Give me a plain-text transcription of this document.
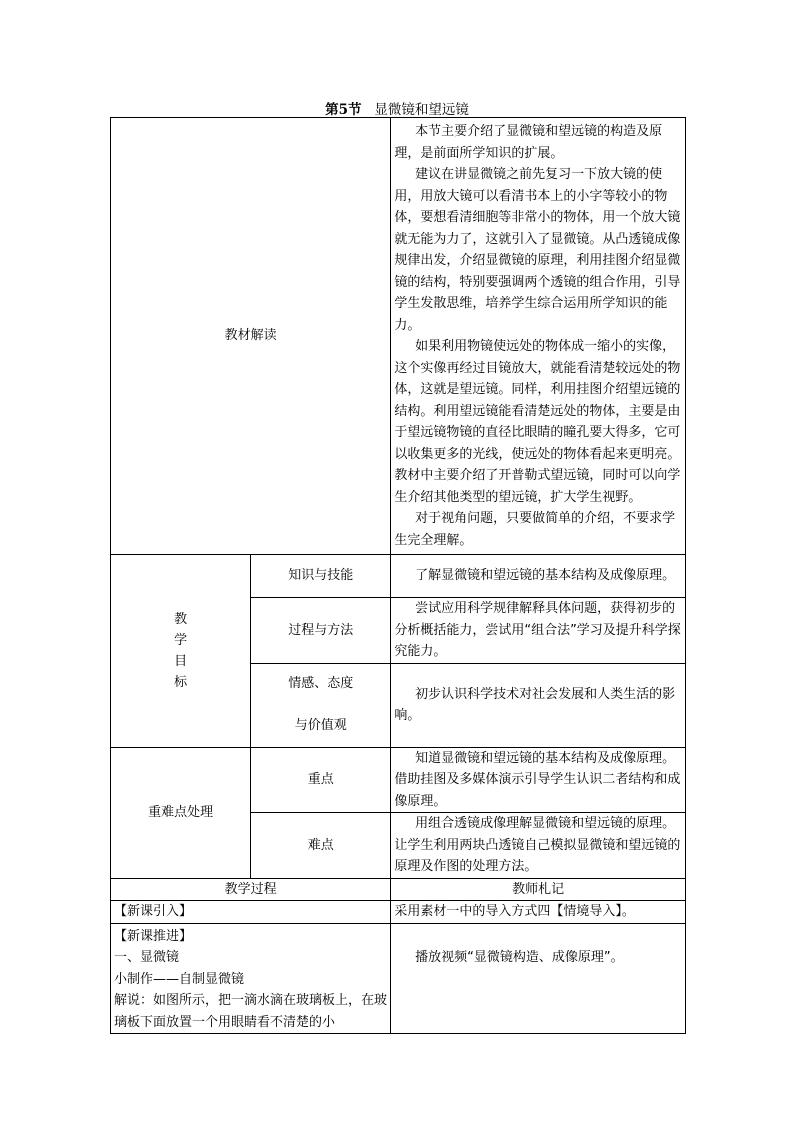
第5节 显微镜和望远镜
教材解读		本节主要介绍了显微镜和望远镜的构造及原理，是前面所学知识的扩展。

建议在讲显微镜之前先复习一下放大镜的使用，用放大镜可以看清书本上的小字等较小的物体，要想看清细胞等非常小的物体，用一个放大镜就无能为力了，这就引入了显微镜。从凸透镜成像规律出发，介绍显微镜的原理，利用挂图介绍显微镜的结构，特别要强调两个透镜的组合作用，引导学生发散思维，培养学生综合运用所学知识的能力。

如果利用物镜使远处的物体成一缩小的实像，这个实像再经过目镜放大，就能看清楚较远处的物体，这就是望远镜。同样，利用挂图介绍望远镜的结构。利用望远镜能看清楚远处的物体，主要是由于望远镜物镜的直径比眼睛的瞳孔要大得多，它可以收集更多的光线，使远处的物体看起来更明亮。教材中主要介绍了开普勒式望远镜，同时可以向学生介绍其他类型的望远镜，扩大学生视野。

对于视角问题，只要做简单的介绍，不要求学生完全理解。

教
学
目
标	知识与技能	了解显微镜和望远镜的基本结构及成像原理。

	过程与方法	尝试应用科学规律解释具体问题，获得初步的分析概括能力，尝试用“组合法”学习及提升科学探究能力。

	情感、态度
与价值观	初步认识科学技术对社会发展和人类生活的影响。

重难点处理	重点	知道显微镜和望远镜的基本结构及成像原理。借助挂图及多媒体演示引导学生认识二者结构和成像原理。

	难点	用组合透镜成像理解显微镜和望远镜的原理。让学生利用两块凸透镜自己模拟显微镜和望远镜的原理及作图的处理方法。

教学过程		教师札记
【新课引入】		采用素材一中的导入方式四【情境导入】。

【新课推进】
一、显微镜
小制作——自制显微镜
解说：如图所示，把一滴水滴在玻璃板上，在玻璃板下面放置一个用眼睛看不清楚的小		播放视频“显微镜构造、成像原理”。
